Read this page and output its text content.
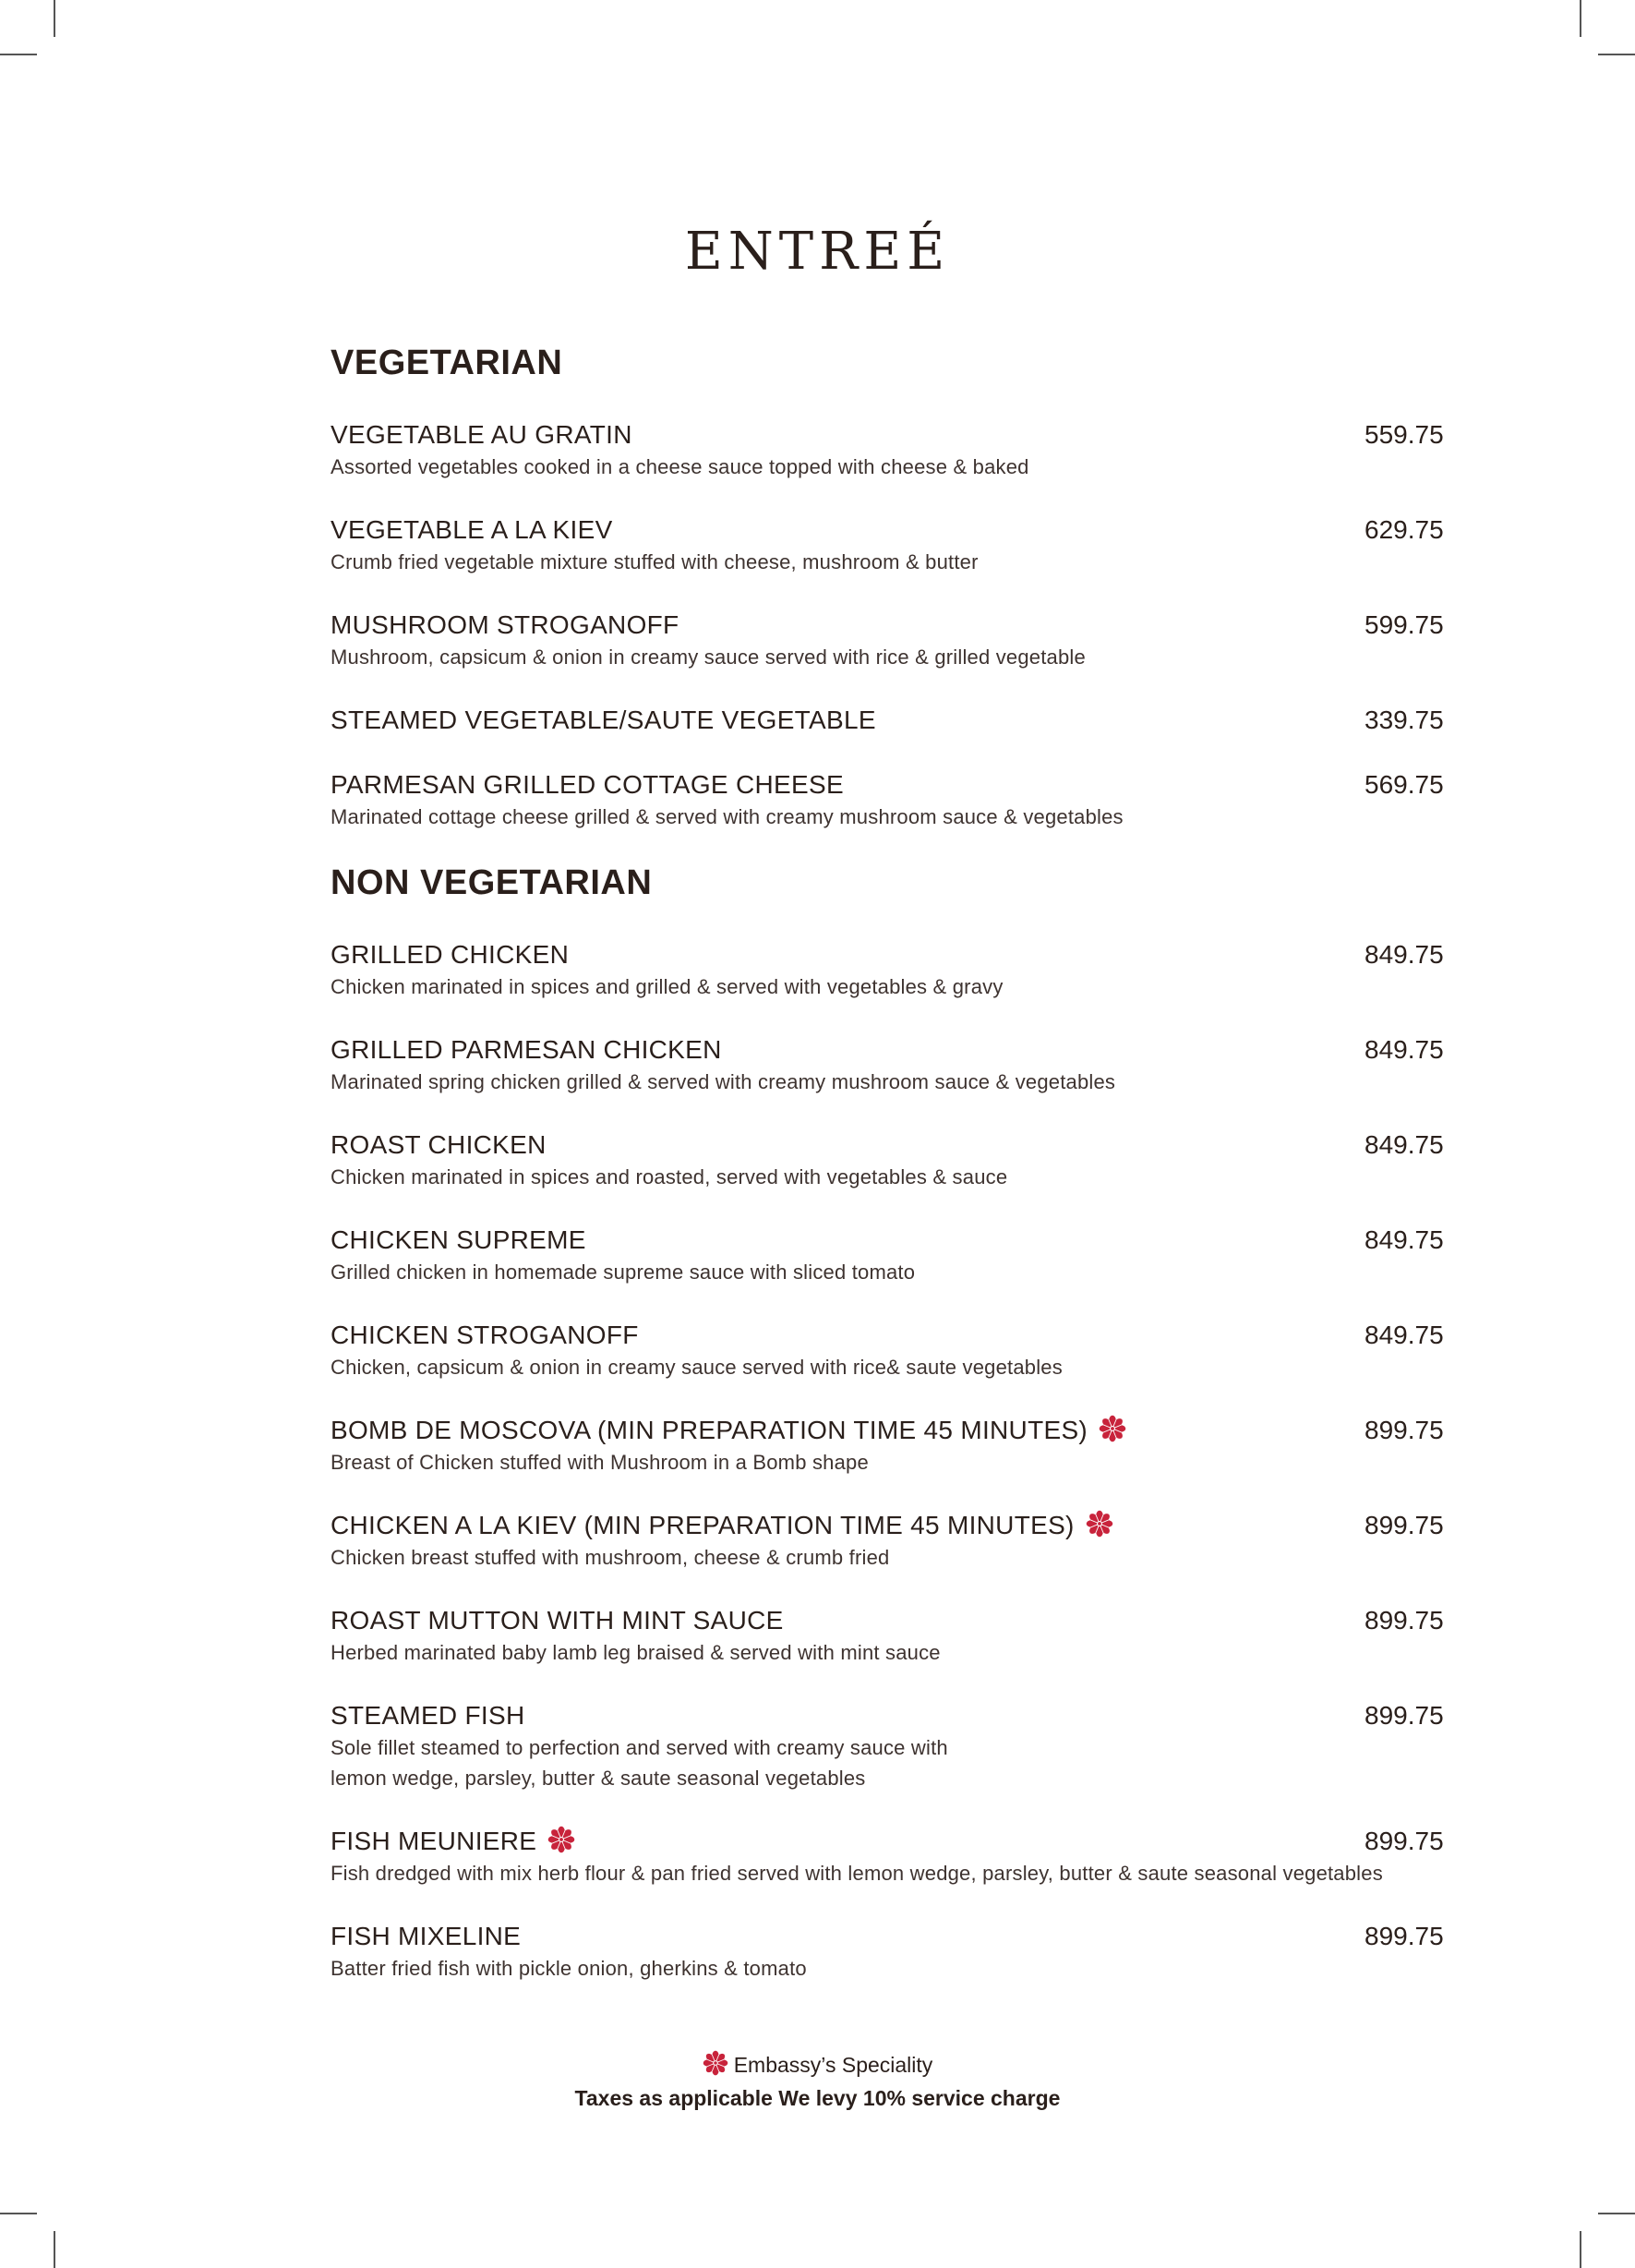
ENTREÉ
VEGETARIAN
VEGETABLE AU GRATIN	559.75
Assorted vegetables cooked in a cheese sauce topped with cheese & baked
VEGETABLE A LA KIEV	629.75
Crumb fried vegetable mixture stuffed with cheese, mushroom & butter
MUSHROOM STROGANOFF	599.75
Mushroom, capsicum & onion in creamy sauce served with rice & grilled vegetable
STEAMED VEGETABLE/SAUTE VEGETABLE	339.75
PARMESAN GRILLED COTTAGE CHEESE	569.75
Marinated cottage cheese grilled & served with creamy mushroom sauce & vegetables
NON VEGETARIAN
GRILLED CHICKEN	849.75
Chicken marinated in spices and grilled & served with vegetables & gravy
GRILLED PARMESAN CHICKEN	849.75
Marinated spring chicken grilled & served with creamy mushroom sauce & vegetables
ROAST CHICKEN	849.75
Chicken marinated in spices and roasted, served with vegetables & sauce
CHICKEN SUPREME	849.75
Grilled chicken in homemade supreme sauce with sliced tomato
CHICKEN STROGANOFF	849.75
Chicken, capsicum & onion in creamy sauce served with rice& saute vegetables
BOMB DE MOSCOVA (MIN PREPARATION TIME 45 MINUTES)	899.75
Breast of Chicken stuffed with Mushroom in a Bomb shape
CHICKEN A LA KIEV (MIN PREPARATION TIME 45 MINUTES)	899.75
Chicken breast stuffed with mushroom, cheese & crumb fried
ROAST MUTTON WITH MINT SAUCE	899.75
Herbed marinated baby lamb leg braised & served with mint sauce
STEAMED FISH	899.75
Sole fillet steamed to perfection and served with creamy sauce with
lemon wedge, parsley, butter & saute seasonal vegetables
FISH MEUNIERE	899.75
Fish dredged with mix herb flour & pan fried served with lemon wedge, parsley, butter & saute seasonal vegetables
FISH MIXELINE	899.75
Batter fried fish with pickle onion, gherkins & tomato
Embassy’s Speciality
Taxes as applicable We levy 10% service charge
